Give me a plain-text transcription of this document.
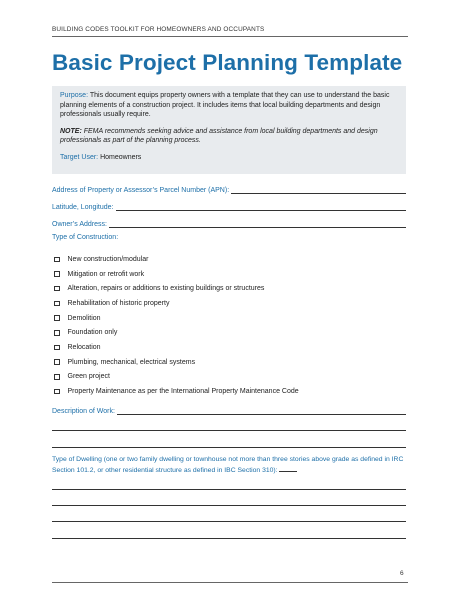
BUILDING CODES TOOLKIT FOR HOMEOWNERS AND OCCUPANTS
Basic Project Planning Template

Purpose: This document equips property owners with a template that they can use to understand the basic planning elements of a construction project. It includes items that local building departments and design professionals usually require.

NOTE: FEMA recommends seeking advice and assistance from local building departments and design professionals as part of the planning process.

Target User: Homeowners

Address of Property or Assessor’s Parcel Number (APN):
Latitude, Longitude:
Owner’s Address:
Type of Construction:
New construction/modular
Mitigation or retrofit work
Alteration, repairs or additions to existing buildings or structures
Rehabilitation of historic property
Demolition
Foundation only
Relocation
Plumbing, mechanical, electrical systems
Green project
Property Maintenance as per the International Property Maintenance Code
Description of Work:
Type of Dwelling (one or two family dwelling or townhouse not more than three stories above grade as defined in IRC Section 101.2, or other residential structure as defined in IBC Section 310):
6
